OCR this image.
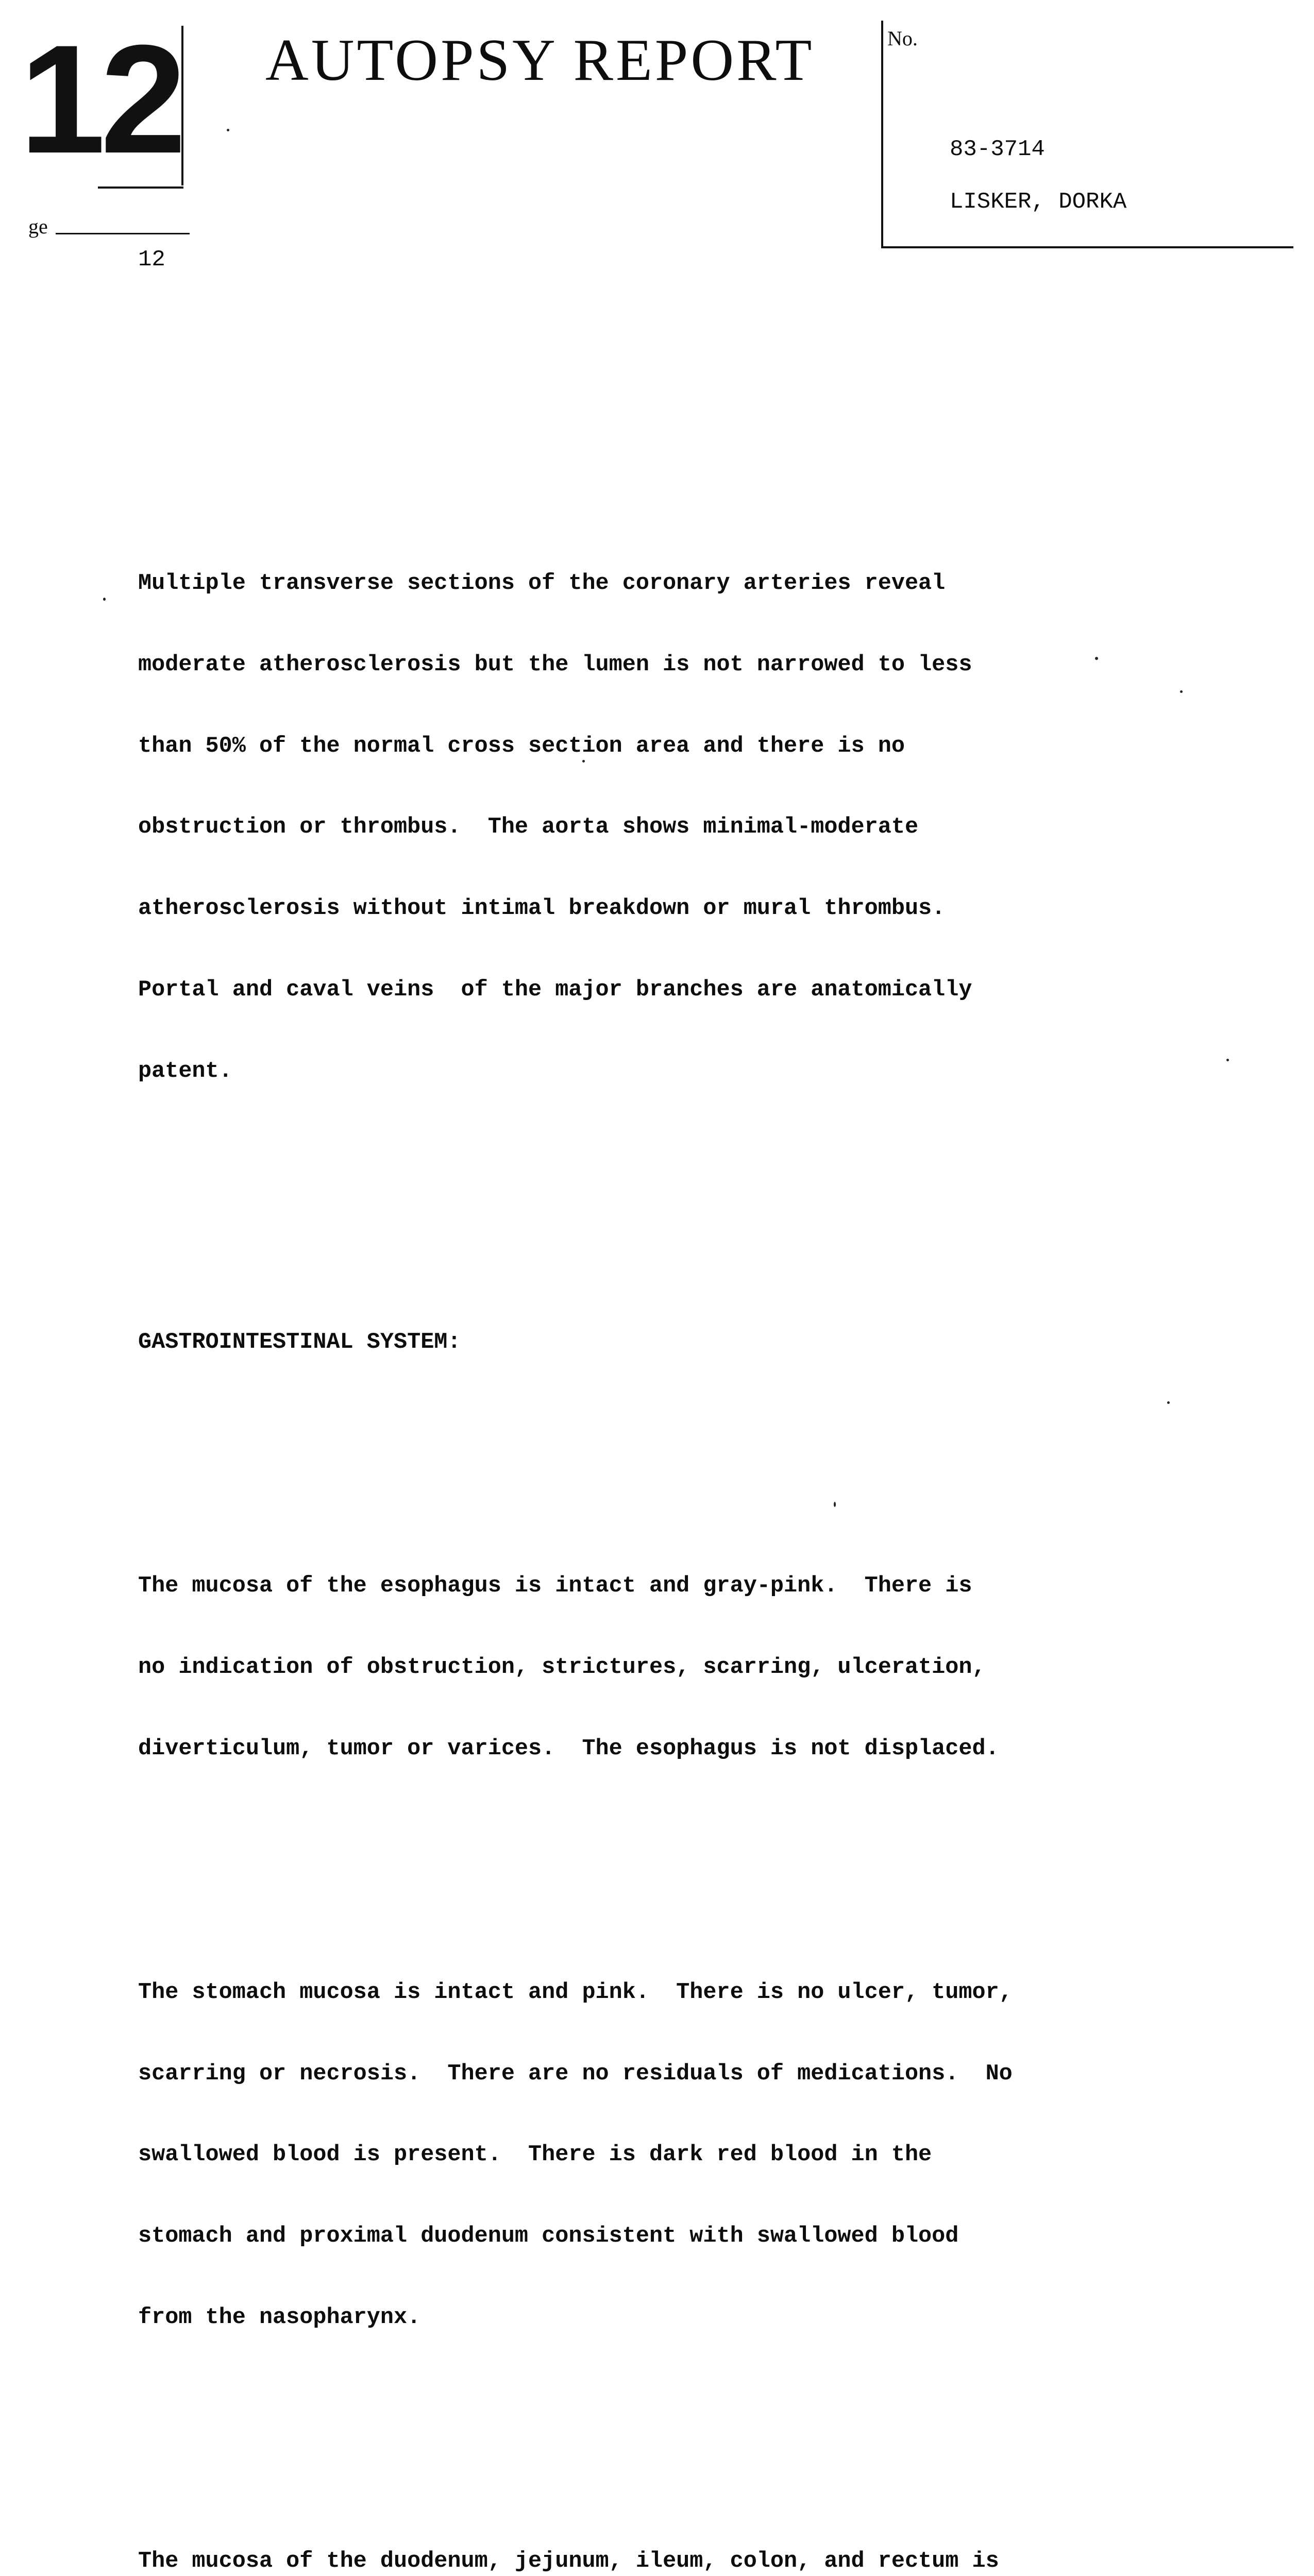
12
ge
12
AUTOPSY REPORT	No.
83-3714
LISKER, DORKA

Multiple transverse sections of the coronary arteries reveal

moderate atherosclerosis but the lumen is not narrowed to less

than 50% of the normal cross section area and there is no

obstruction or thrombus.  The aorta shows minimal-moderate

atherosclerosis without intimal breakdown or mural thrombus.

Portal and caval veins  of the major branches are anatomically

patent.

GASTROINTESTINAL SYSTEM:

The mucosa of the esophagus is intact and gray-pink.  There is

no indication of obstruction, strictures, scarring, ulceration,

diverticulum, tumor or varices.  The esophagus is not displaced.

The stomach mucosa is intact and pink.  There is no ulcer, tumor,

scarring or necrosis.  There are no residuals of medications.  No

swallowed blood is present.  There is dark red blood in the

stomach and proximal duodenum consistent with swallowed blood

from the nasopharynx.

The mucosa of the duodenum, jejunum, ileum, colon, and rectum is
